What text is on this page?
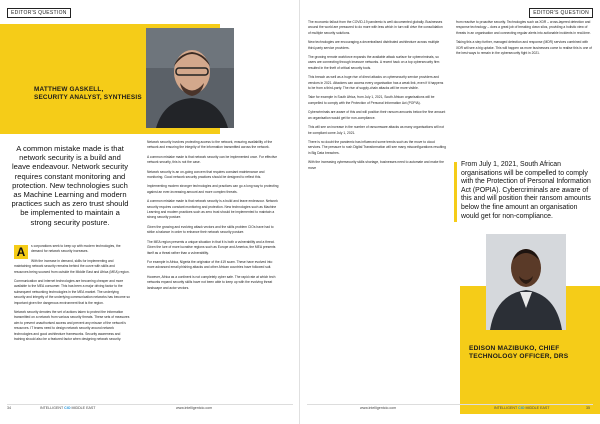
EDITOR'S QUESTION
MATTHEW GASKELL,
SECURITY ANALYST, SYNTHESIS
A common mistake made is that network security is a build and leave endeavour. Network security requires constant monitoring and protection. New technologies such as Machine Learning and modern practices such as zero trust should be implemented to maintain a strong security posture.

A	s corporations seek to keep up with modern technologies, the demand for network security increases.

With the increase in demand, skills for implementing and maintaining network security remains behind the curve with skills and resources being sourced from outside the Middle East and Africa (MEA) region.

Communication and internet technologies are becoming cheaper and more available to the MEA consumer. This has been a major driving factor to the subsequent networking technologies in the MEA market. The underlying security and integrity of the underlying communication networks has become so important given the dangerous environment that is the region.

Network security denotes the set of actions taken to protect the information transmitted on a network from various security threats. These sets of measures aim to prevent unauthorised access and prevent any misuse of the network's resources. IT teams need to design network security around network technologies and good architecture frameworks. Security awareness and training should also be a featured factor when designing network security.

Network security involves protecting access to the network, ensuring availability of the network and ensuring the integrity of the information transmitted across the network.

A common mistake made is that network security can be implemented once. For effective network security, this is not the case.

Network security is an on-going concern that requires constant maintenance and monitoring. Good network security practices should be designed to reflect this.

Implementing modern stronger technologies and practices can go a long way to protecting against an ever-increasing amount and more complex threats.

A common mistake made is that network security is a build and leave endeavour. Network security requires constant monitoring and protection. New technologies such as Machine Learning and modern practices such as zero trust should be implemented to maintain a strong security posture.

Given the growing and evolving attack vectors and the skills problem CIOs have had to strike a balance in order to enhance their network security posture.

The MEA region presents a unique situation in that it is both a vulnerability and a threat. Given the lure of more lucrative regions such as Europe and America, the MEA presents itself as a threat rather than a vulnerability.

For example in Africa, Nigeria the originator of the 419 scam. These have evolved into more advanced email phishing attacks and other African countries have followed suit.

However, Africa as a continent is not completely cyber safe. The rapid rate at which tech networks expand security skills have not been able to keep up with the evolving threat landscape and actor vectors.

34	INTELLIGENT CIO MIDDLE EAST	www.intelligentcio.com
EDITOR'S QUESTION

The economic fallout from the COVID-19 pandemic is well documented globally. Businesses around the world are pressured to do more with less which in turn will drive the consolidation of multiple security solutions.

New technologies are encouraging a decentralised distributed architecture across multiple third-party service providers.

The growing remote workforce expands the available attack surface for cybercriminals, so users are connecting through insecure networks. A recent hack on a top cybersecurity firm resulted in the theft of critical security tools.

This breach as well as a huge rise of direct attacks on cybersecurity service providers and vendors in 2021. Attackers can access every organisation has a weak link, even if it happens to be from a third-party. The rise of supply-chain attacks will be more visible.

Take for example in South Africa, from July 1, 2021, South African organisations will be compelled to comply with the Protection of Personal Information Act (POPIA).

Cybercriminals are aware of this and will position their ransom amounts below the fine amount an organisation would get for non-compliance.

This will see an increase in the number of ransomware attacks as many organisations will not be compliant come July 1, 2021.

There is no doubt the pandemic has influenced some trends such as the move to cloud services. The pressure to rush Digital Transformation will see many misconfigurations resulting in Big Data breaches.

With the increasing cybersecurity skills shortage, businesses need to automate and make the move

from reactive to proactive security. Technologies such as XDR – cross-layered detection and response technology – does a great job of breaking down silos, providing a holistic view of threats in an organisation and connecting regular alerts into actionable incidents in real-time.

Taking this a step further, managed detection and response (MDR) services combined with XDR will see a big uptake. This will happen as more businesses come to realise this is one of the best ways to remain in the cybersecurity fight in 2021.

From July 1, 2021, South African organisations will be compelled to comply with the Protection of Personal Information Act (POPIA). Cybercriminals are aware of this and will position their ransom amounts below the fine amount an organisation would get for non-compliance.
EDISON MAZIBUKO, CHIEF TECHNOLOGY OFFICER, DRS
www.intelligentcio.com	INTELLIGENT CIO MIDDLE EAST	35
